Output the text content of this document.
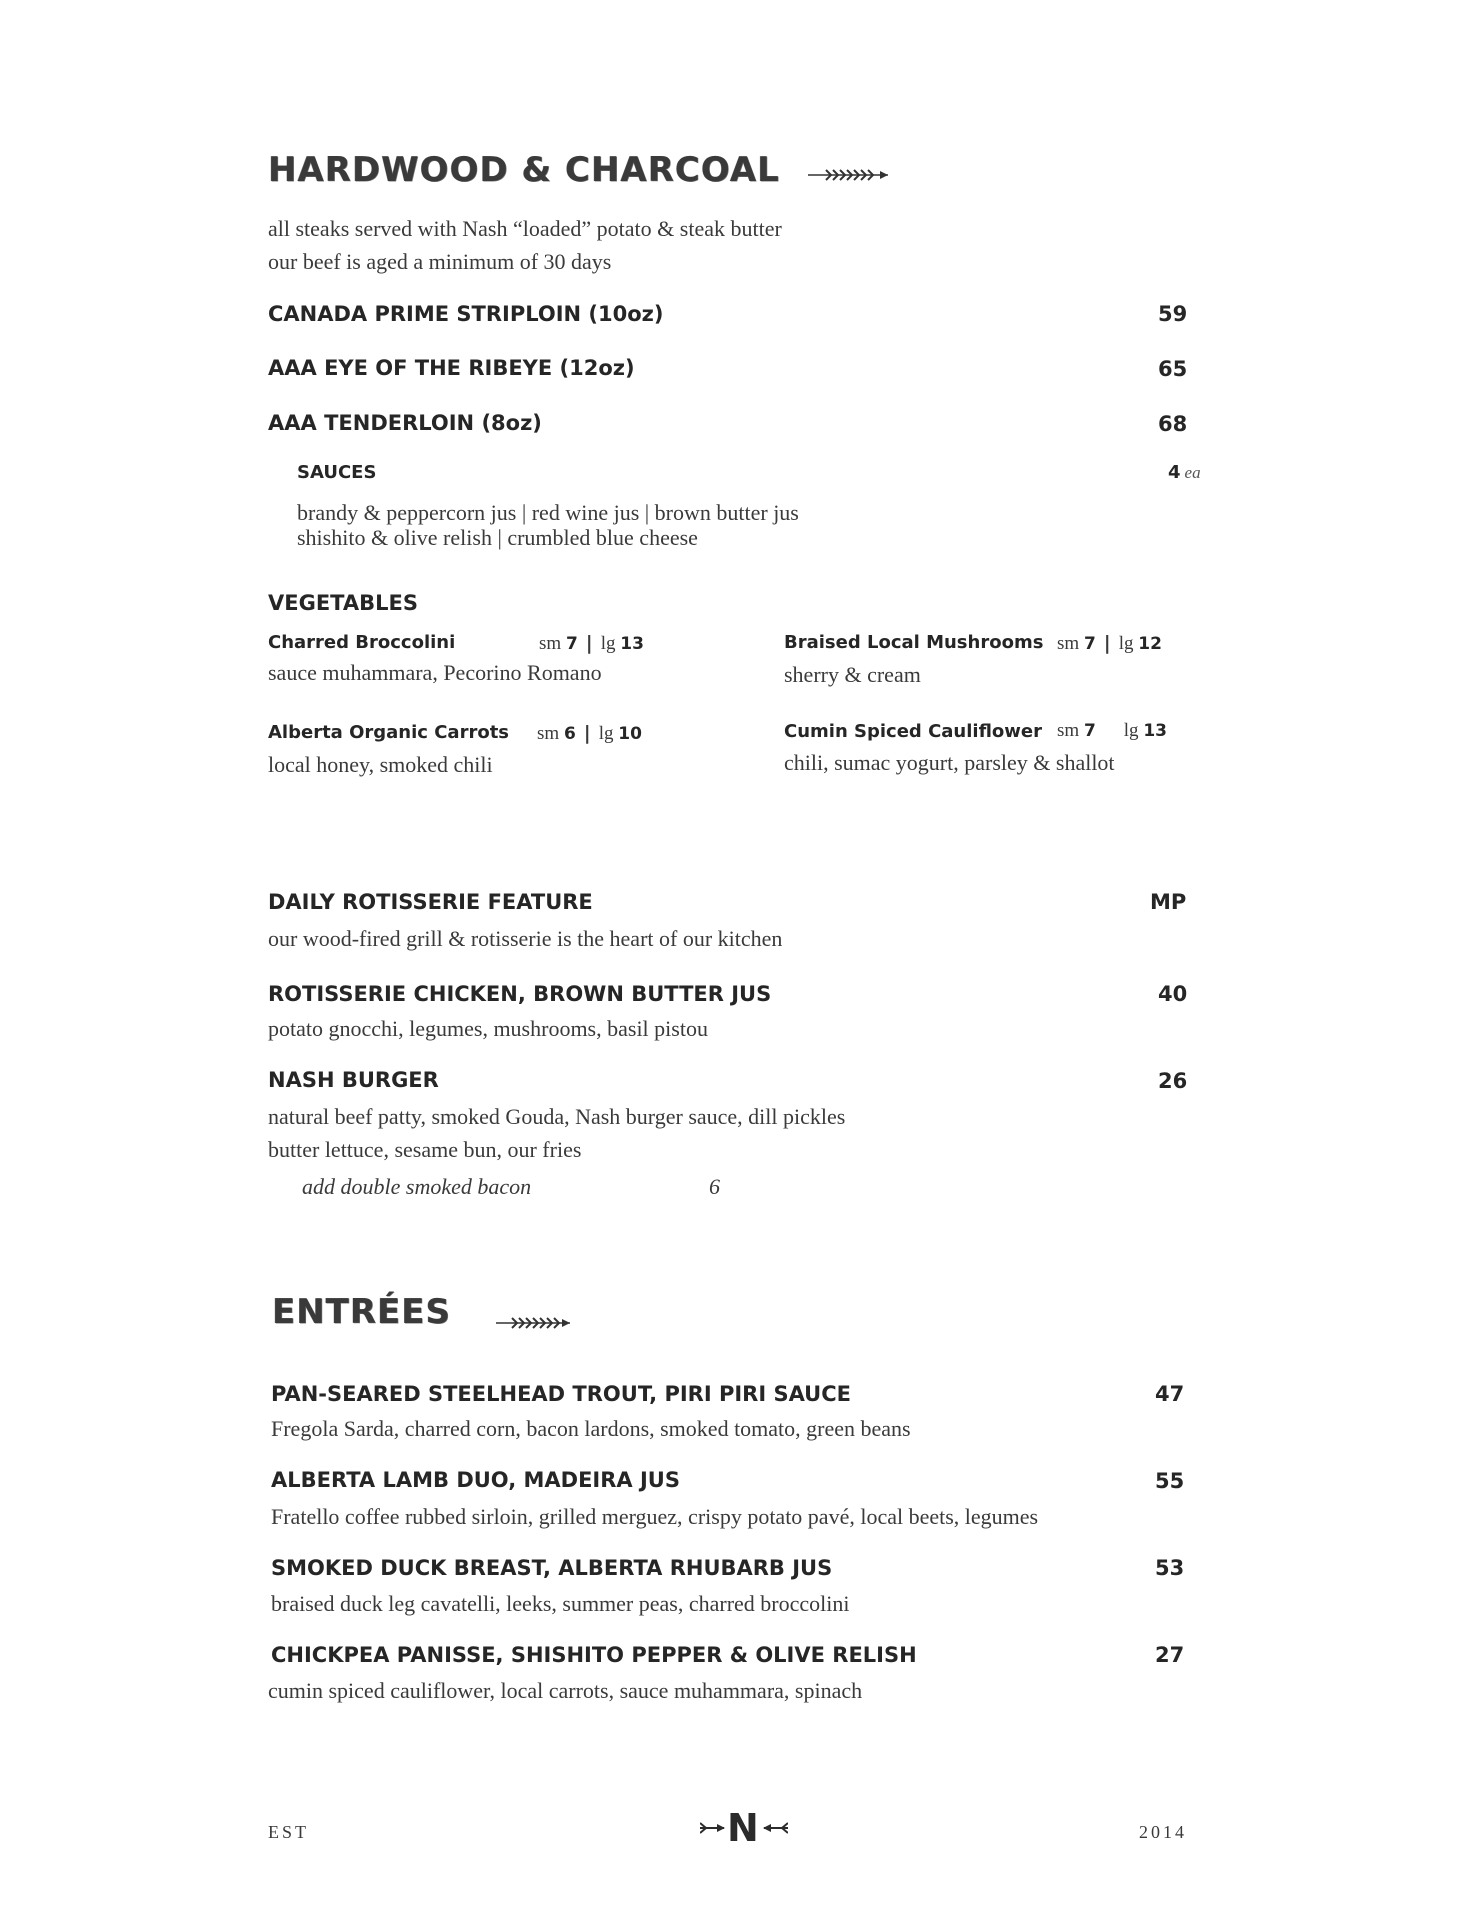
HARDWOOD & CHARCOAL
all steaks served with Nash “loaded” potato & steak butter
our beef is aged a minimum of 30 days
CANADA PRIME STRIPLOIN (10oz)	59
AAA EYE OF THE RIBEYE (12oz)	65
AAA TENDERLOIN (8oz)	68
SAUCES	4 ea
brandy & peppercorn jus | red wine jus | brown butter jus
shishito & olive relish | crumbled blue cheese
VEGETABLES
Charred Broccolini	sm 7 | lg 13
sauce muhammara, Pecorino Romano
Braised Local Mushrooms sm 7 | lg 12
sherry & cream
Alberta Organic Carrots sm 6 | lg 10
local honey, smoked chili
Cumin Spiced Cauliflower sm 7 lg 13
chili, sumac yogurt, parsley & shallot
DAILY ROTISSERIE FEATURE	MP
our wood-fired grill & rotisserie is the heart of our kitchen
ROTISSERIE CHICKEN, BROWN BUTTER JUS	40
potato gnocchi, legumes, mushrooms, basil pistou
NASH BURGER	26
natural beef patty, smoked Gouda, Nash burger sauce, dill pickles
butter lettuce, sesame bun, our fries
add double smoked bacon	6
ENTRÉES
PAN-SEARED STEELHEAD TROUT, PIRI PIRI SAUCE	47
Fregola Sarda, charred corn, bacon lardons, smoked tomato, green beans
ALBERTA LAMB DUO, MADEIRA JUS	55
Fratello coffee rubbed sirloin, grilled merguez, crispy potato pavé, local beets, legumes
SMOKED DUCK BREAST, ALBERTA RHUBARB JUS	53
braised duck leg cavatelli, leeks, summer peas, charred broccolini
CHICKPEA PANISSE, SHISHITO PEPPER & OLIVE RELISH	27
cumin spiced cauliflower, local carrots, sauce muhammara, spinach
EST	N	2014
